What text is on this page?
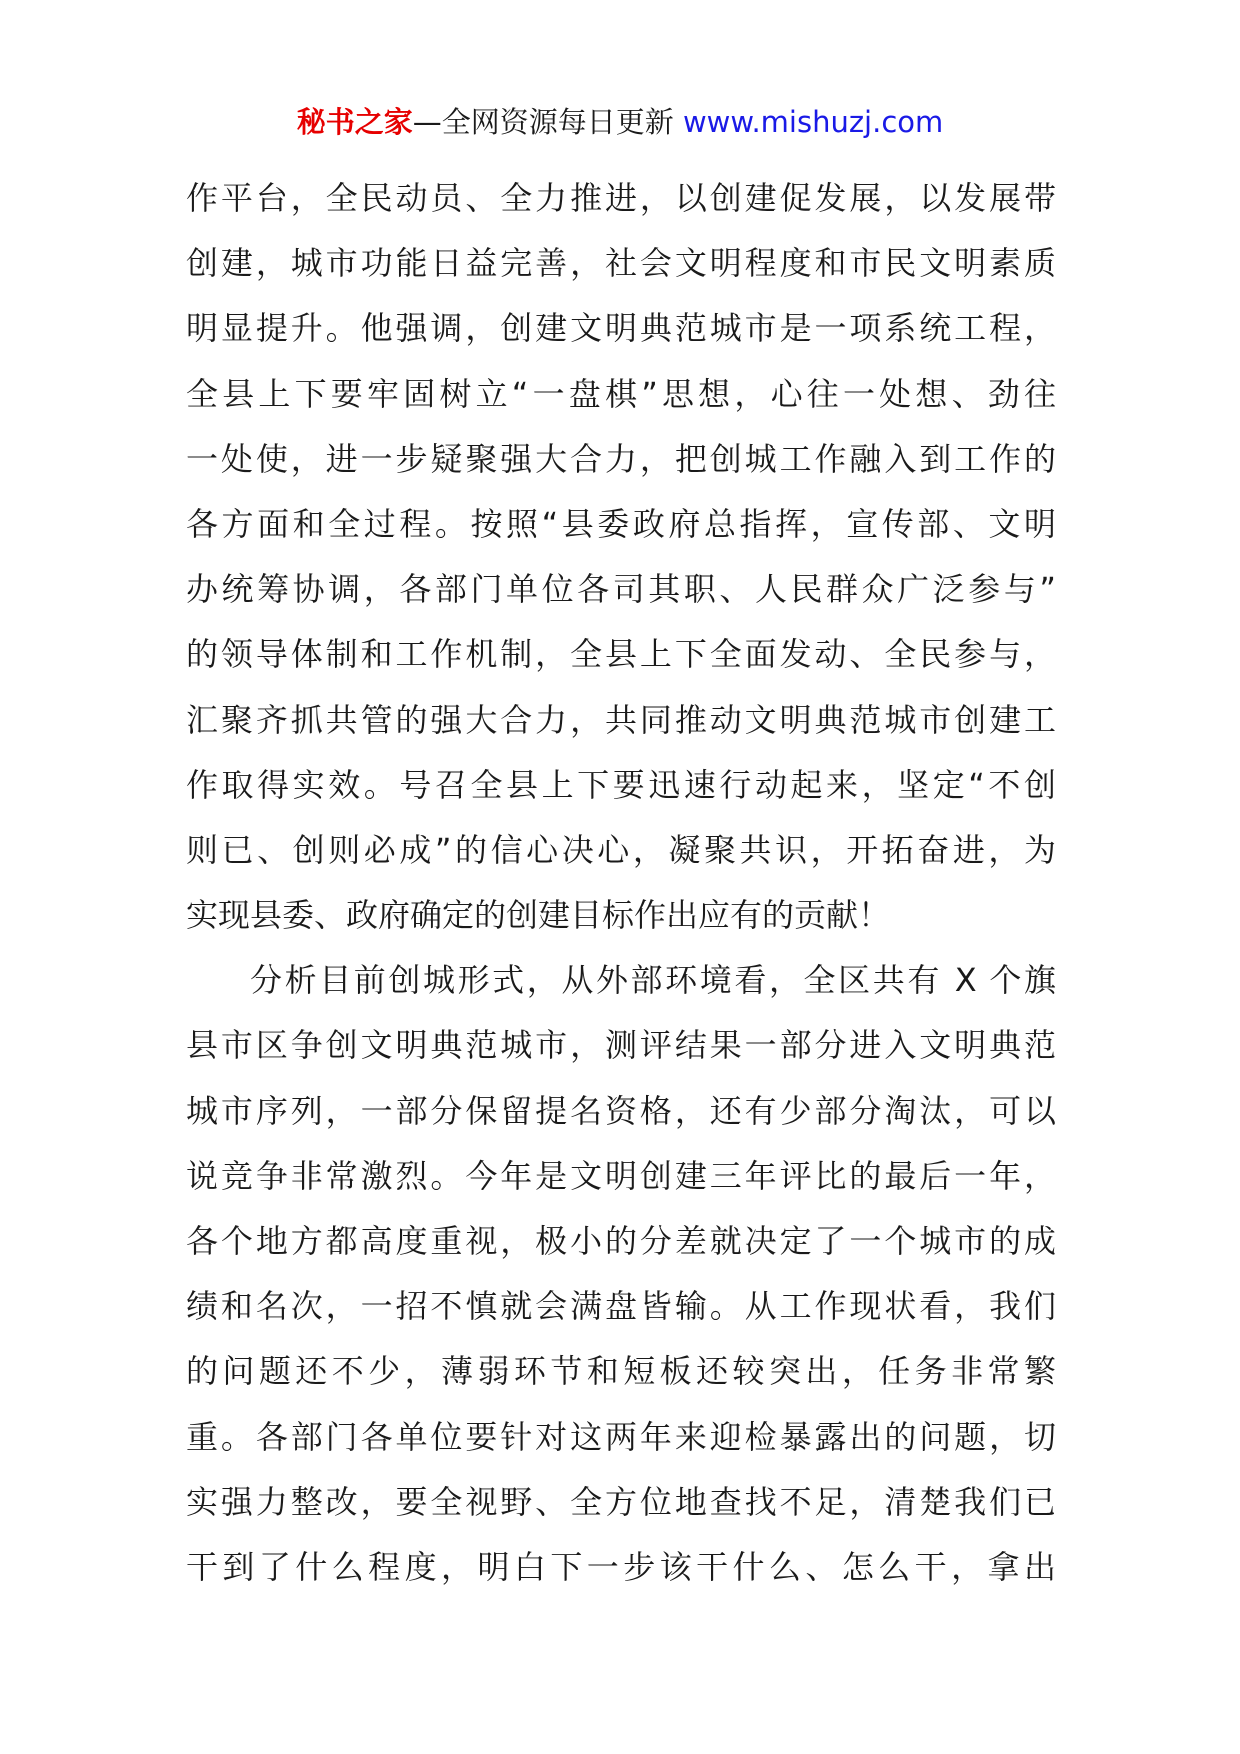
秘书之家—全网资源每日更新 www.mishuzj.com
作平台，全民动员、全力推进，以创建促发展，以发展带
创建，城市功能日益完善，社会文明程度和市民文明素质
明显提升。他强调，创建文明典范城市是一项系统工程，
全县上下要牢固树立“一盘棋”思想，心往一处想、劲往
一处使，进一步疑聚强大合力，把创城工作融入到工作的
各方面和全过程。按照“县委政府总指挥，宣传部、文明
办统筹协调，各部门单位各司其职、人民群众广泛参与”
的领导体制和工作机制，全县上下全面发动、全民参与，
汇聚齐抓共管的强大合力，共同推动文明典范城市创建工
作取得实效。号召全县上下要迅速行动起来，坚定“不创
则已、创则必成”的信心决心，凝聚共识，开拓奋进，为
实现县委、政府确定的创建目标作出应有的贡献！
分析目前创城形式，从外部环境看，全区共有 X 个旗
县市区争创文明典范城市，测评结果一部分进入文明典范
城市序列，一部分保留提名资格，还有少部分淘汰，可以
说竞争非常激烈。今年是文明创建三年评比的最后一年，
各个地方都高度重视，极小的分差就决定了一个城市的成
绩和名次，一招不慎就会满盘皆输。从工作现状看，我们
的问题还不少，薄弱环节和短板还较突出，任务非常繁
重。各部门各单位要针对这两年来迎检暴露出的问题，切
实强力整改，要全视野、全方位地查找不足，清楚我们已
干到了什么程度，明白下一步该干什么、怎么干，拿出
